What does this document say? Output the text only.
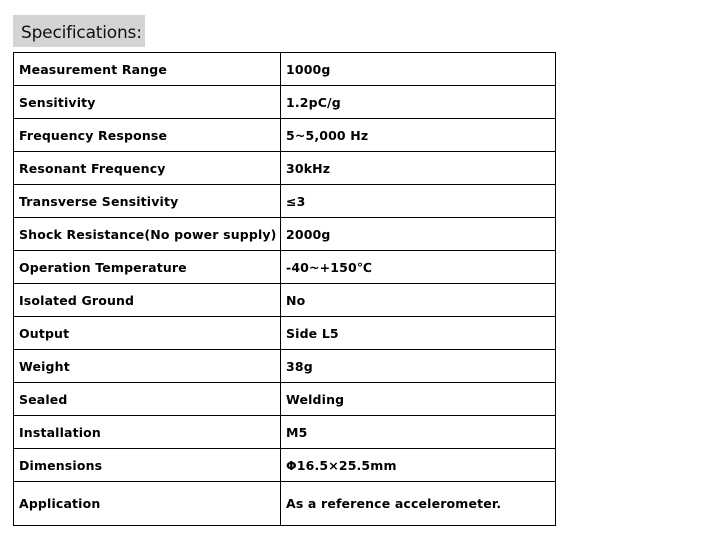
Specifications:
Measurement Range	1000g
Sensitivity	1.2pC/g
Frequency Response	5~5,000 Hz
Resonant Frequency	30kHz
Transverse Sensitivity	≤3
Shock Resistance(No power supply)	2000g
Operation Temperature	-40~+150℃
Isolated Ground	No
Output	Side L5
Weight	38g
Sealed	Welding
Installation	M5
Dimensions	Φ16.5×25.5mm
Application	As a reference accelerometer.
